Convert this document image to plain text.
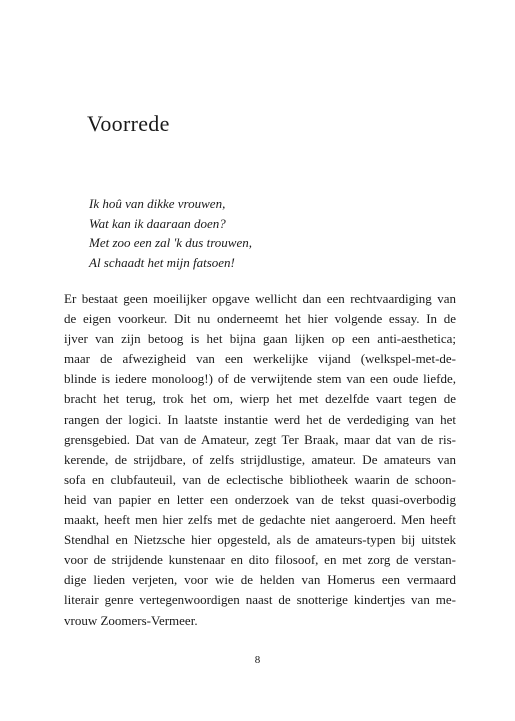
Voorrede
Ik hoû van dikke vrouwen,
Wat kan ik daaraan doen?
Met zoo een zal 'k dus trouwen,
Al schaadt het mijn fatsoen!
Er bestaat geen moeilijker opgave wellicht dan een rechtvaardiging van
de eigen voorkeur. Dit nu onderneemt het hier volgende essay. In de
ijver van zijn betoog is het bijna gaan lijken op een anti-aesthetica;
maar de afwezigheid van een werkelijke vijand (welkspel-met-de-
blinde is iedere monoloog!) of de verwijtende stem van een oude liefde,
bracht het terug, trok het om, wierp het met dezelfde vaart tegen de
rangen der logici. In laatste instantie werd het de verdediging van het
grensgebied. Dat van de Amateur, zegt Ter Braak, maar dat van de ris-
kerende, de strijdbare, of zelfs strijdlustige, amateur. De amateurs van
sofa en clubfauteuil, van de eclectische bibliotheek waarin de schoon-
heid van papier en letter een onderzoek van de tekst quasi-overbodig
maakt, heeft men hier zelfs met de gedachte niet aangeroerd. Men heeft
Stendhal en Nietzsche hier opgesteld, als de amateurs-typen bij uitstek
voor de strijdende kunstenaar en dito filosoof, en met zorg de verstan-
dige lieden verjeten, voor wie de helden van Homerus een vermaard
literair genre vertegenwoordigen naast de snotterige kindertjes van me-
vrouw Zoomers-Vermeer.
8
